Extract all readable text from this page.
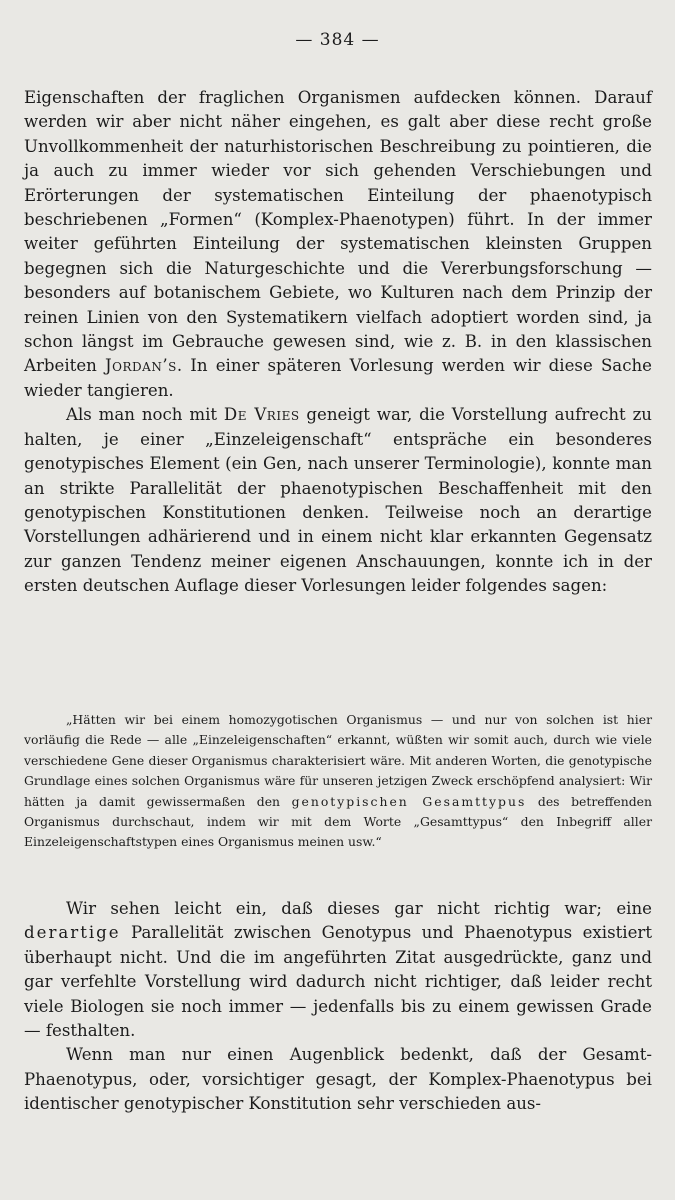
— 384 —

Eigenschaften der fraglichen Organismen aufdecken können. Darauf werden wir aber nicht näher eingehen, es galt aber diese recht große Unvollkommenheit der naturhistorischen Beschreibung zu pointieren, die ja auch zu immer wieder vor sich gehenden Verschiebungen und Erörterungen der systematischen Einteilung der phaenotypisch beschriebenen „Formen“ (Komplex-Phaenotypen) führt. In der immer weiter geführten Einteilung der systematischen kleinsten Gruppen begegnen sich die Naturgeschichte und die Vererbungsforschung — besonders auf botanischem Gebiete, wo Kulturen nach dem Prinzip der reinen Linien von den Systematikern vielfach adoptiert worden sind, ja schon längst im Gebrauche gewesen sind, wie z. B. in den klassischen Arbeiten Jordan’s. In einer späteren Vorlesung werden wir diese Sache wieder tangieren.

Als man noch mit De Vries geneigt war, die Vorstellung aufrecht zu halten, je einer „Einzeleigenschaft“ entspräche ein besonderes genotypisches Element (ein Gen, nach unserer Terminologie), konnte man an strikte Parallelität der phaenotypischen Beschaffenheit mit den genotypischen Konstitutionen denken. Teilweise noch an derartige Vorstellungen adhärierend und in einem nicht klar erkannten Gegensatz zur ganzen Tendenz meiner eigenen Anschauungen, konnte ich in der ersten deutschen Auflage dieser Vorlesungen leider folgendes sagen:

„Hätten wir bei einem homozygotischen Organismus — und nur von solchen ist hier vorläufig die Rede — alle „Einzeleigenschaften“ erkannt, wüßten wir somit auch, durch wie viele verschiedene Gene dieser Organismus charakterisiert wäre. Mit anderen Worten, die genotypische Grundlage eines solchen Organismus wäre für unseren jetzigen Zweck erschöpfend analysiert: Wir hätten ja damit gewissermaßen den genotypischen Gesamttypus des betreffenden Organismus durchschaut, indem wir mit dem Worte „Gesamttypus“ den Inbegriff aller Einzeleigenschaftstypen eines Organismus meinen usw.“

Wir sehen leicht ein, daß dieses gar nicht richtig war; eine derartige Parallelität zwischen Genotypus und Phaenotypus existiert überhaupt nicht. Und die im angeführten Zitat ausgedrückte, ganz und gar verfehlte Vorstellung wird dadurch nicht richtiger, daß leider recht viele Biologen sie noch immer — jedenfalls bis zu einem gewissen Grade — festhalten.

Wenn man nur einen Augenblick bedenkt, daß der Gesamt-Phaenotypus, oder, vorsichtiger gesagt, der Komplex-Phaenotypus bei identischer genotypischer Konstitution sehr verschieden aus-
